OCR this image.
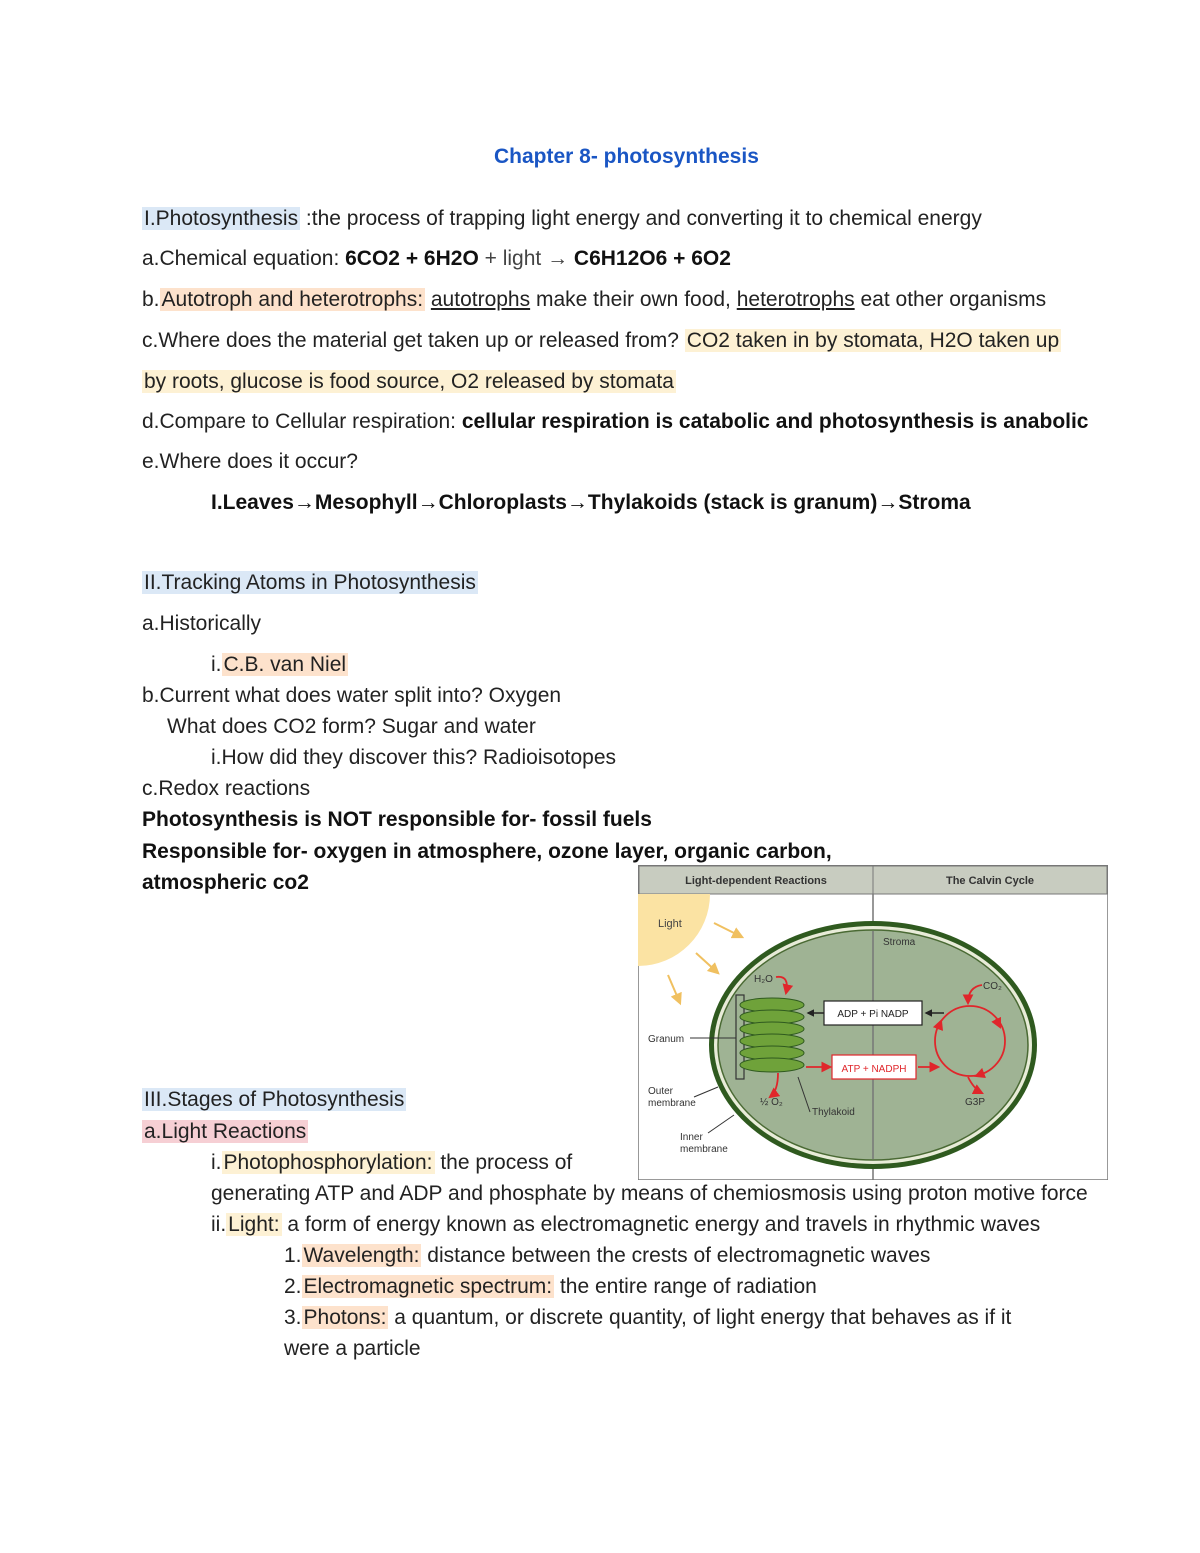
Chapter 8- photosynthesis
I.Photosynthesis :the process of trapping light energy and converting it to chemical energy
a.Chemical equation: 6CO2 + 6H2O + light → C6H12O6 + 6O2
b.Autotroph and heterotrophs: autotrophs make their own food, heterotrophs eat other organisms
c.Where does the material get taken up or released from? CO2 taken in by stomata, H2O taken up
by roots, glucose is food source, O2 released by stomata
d.Compare to Cellular respiration: cellular respiration is catabolic and photosynthesis is anabolic
e.Where does it occur?
I.Leaves→Mesophyll→Chloroplasts→Thylakoids (stack is granum)→Stroma
II.Tracking Atoms in Photosynthesis
a.Historically
i.C.B. van Niel
b.Current what does water split into? Oxygen
What does CO2 form? Sugar and water
i.How did they discover this? Radioisotopes
c.Redox reactions
Photosynthesis is NOT responsible for- fossil fuels
Responsible for- oxygen in atmosphere, ozone layer, organic carbon,
atmospheric co2
III.Stages of Photosynthesis
a.Light Reactions
i.Photophosphorylation: the process of
generating ATP and ADP and phosphate by means of chemiosmosis using proton motive force
ii.Light: a form of energy known as electromagnetic energy and travels in rhythmic waves
1.Wavelength: distance between the crests of electromagnetic waves
2.Electromagnetic spectrum: the entire range of radiation
3.Photons: a quantum, or discrete quantity, of light energy that behaves as if it
were a particle
Light-dependent Reactions	The Calvin Cycle
Light
Stroma
H₂O
½ O₂
Thylakoid
ADP + Pi NADP
ATP + NADPH
CO₂
G3P
Granum
Outer
membrane
Inner
membrane
